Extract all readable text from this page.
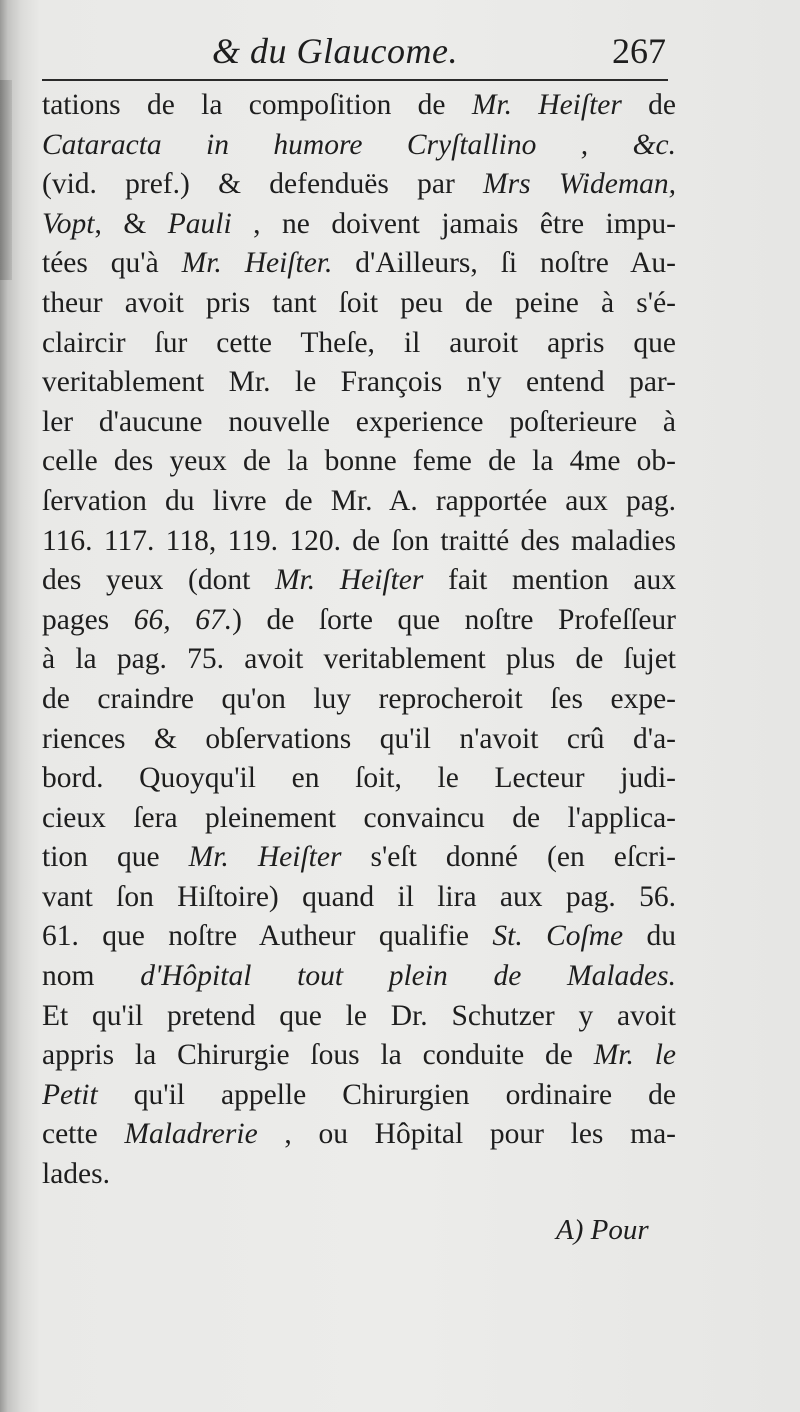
& du Glaucome.	267
tations de la compoſition de Mr. Heiſter de
Cataracta in humore Cryſtallino , &c.
(vid. pref.) & defenduës par Mrs Wideman,
Vopt, & Pauli , ne doivent jamais être impu-
tées qu'à Mr. Heiſter. d'Ailleurs, ſi noſtre Au-
theur avoit pris tant ſoit peu de peine à s'é-
claircir ſur cette Theſe, il auroit apris que
veritablement Mr. le François n'y entend par-
ler d'aucune nouvelle experience poſterieure à
celle des yeux de la bonne feme de la 4me ob-
ſervation du livre de Mr. A. rapportée aux pag.
116. 117. 118, 119. 120. de ſon traitté des maladies
des yeux (dont Mr. Heiſter fait mention aux
pages 66, 67.) de ſorte que noſtre Profeſſeur
à la pag. 75. avoit veritablement plus de ſujet
de craindre qu'on luy reprocheroit ſes expe-
riences & obſervations qu'il n'avoit crû d'a-
bord. Quoyqu'il en ſoit, le Lecteur judi-
cieux ſera pleinement convaincu de l'applica-
tion que Mr. Heiſter s'eſt donné (en eſcri-
vant ſon Hiſtoire) quand il lira aux pag. 56.
61. que noſtre Autheur qualifie St. Coſme du
nom d'Hôpital tout plein de Malades.
Et qu'il pretend que le Dr. Schutzer y avoit
appris la Chirurgie ſous la conduite de Mr. le
Petit qu'il appelle Chirurgien ordinaire de
cette Maladrerie , ou Hôpital pour les ma-
lades.
A) Pour
